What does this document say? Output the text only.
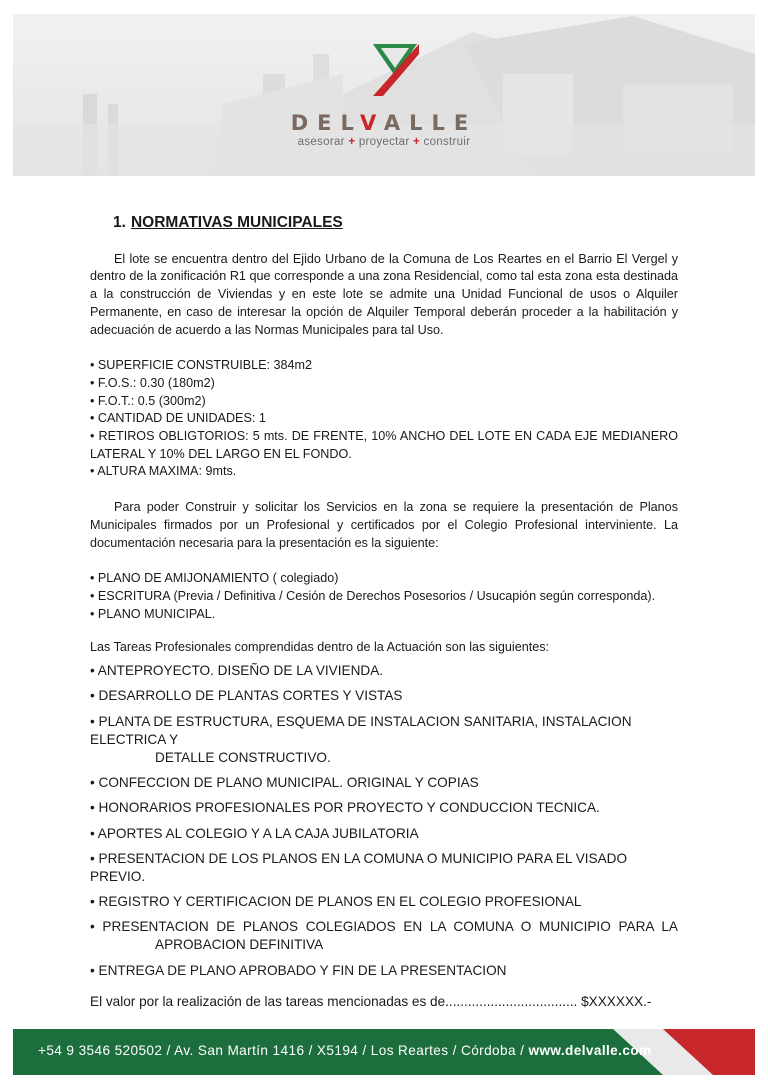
DELVALLE
asesorar + proyectar + construir
1. NORMATIVAS MUNICIPALES

El lote se encuentra dentro del Ejido Urbano de la Comuna de Los Reartes en el Barrio El Vergel y dentro de la zonificación R1 que corresponde a una zona Residencial, como tal esta zona esta destinada a la construcción de Viviendas y en este lote se admite una Unidad Funcional de usos o Alquiler Permanente, en caso de interesar la opción de Alquiler Temporal deberán proceder a la habilitación y adecuación de acuerdo a las Normas Municipales para tal Uso.

• SUPERFICIE CONSTRUIBLE: 384m2
• F.O.S.: 0.30 (180m2)
• F.O.T.: 0.5 (300m2)
• CANTIDAD DE UNIDADES: 1
• RETIROS OBLIGTORIOS: 5 mts. DE FRENTE, 10% ANCHO DEL LOTE EN CADA EJE MEDIANERO LATERAL Y 10% DEL LARGO EN EL FONDO.
• ALTURA MAXIMA: 9mts.

Para poder Construir y solicitar los Servicios en la zona se requiere la presentación de Planos Municipales firmados por un Profesional y certificados por el Colegio Profesional interviniente. La documentación necesaria para la presentación es la siguiente:

• PLANO DE AMIJONAMIENTO ( colegiado)
• ESCRITURA (Previa / Definitiva / Cesión de Derechos Posesorios / Usucapión según corresponda).
• PLANO MUNICIPAL.
Las Tareas Profesionales comprendidas dentro de la Actuación son las siguientes:
• ANTEPROYECTO. DISEÑO DE LA VIVIENDA.
• DESARROLLO DE PLANTAS CORTES Y VISTAS
• PLANTA DE ESTRUCTURA, ESQUEMA DE INSTALACION SANITARIA, INSTALACION ELECTRICA Y
DETALLE CONSTRUCTIVO.
• CONFECCION DE PLANO MUNICIPAL. ORIGINAL Y COPIAS
• HONORARIOS PROFESIONALES POR PROYECTO Y CONDUCCION TECNICA.
• APORTES AL COLEGIO Y A LA CAJA JUBILATORIA
• PRESENTACION DE LOS PLANOS EN LA COMUNA O MUNICIPIO PARA EL VISADO PREVIO.
• REGISTRO Y CERTIFICACION DE PLANOS EN EL COLEGIO PROFESIONAL
• PRESENTACION DE PLANOS COLEGIADOS EN LA COMUNA O MUNICIPIO PARA LA
APROBACION DEFINITIVA
• ENTREGA DE PLANO APROBADO Y FIN DE LA PRESENTACION
El valor por la realización de las tareas mencionadas es de................................... $XXXXXX.-
+54 9 3546 520502 / Av. San Martín 1416 / X5194 / Los Reartes / Córdoba / www.delvalle.com
